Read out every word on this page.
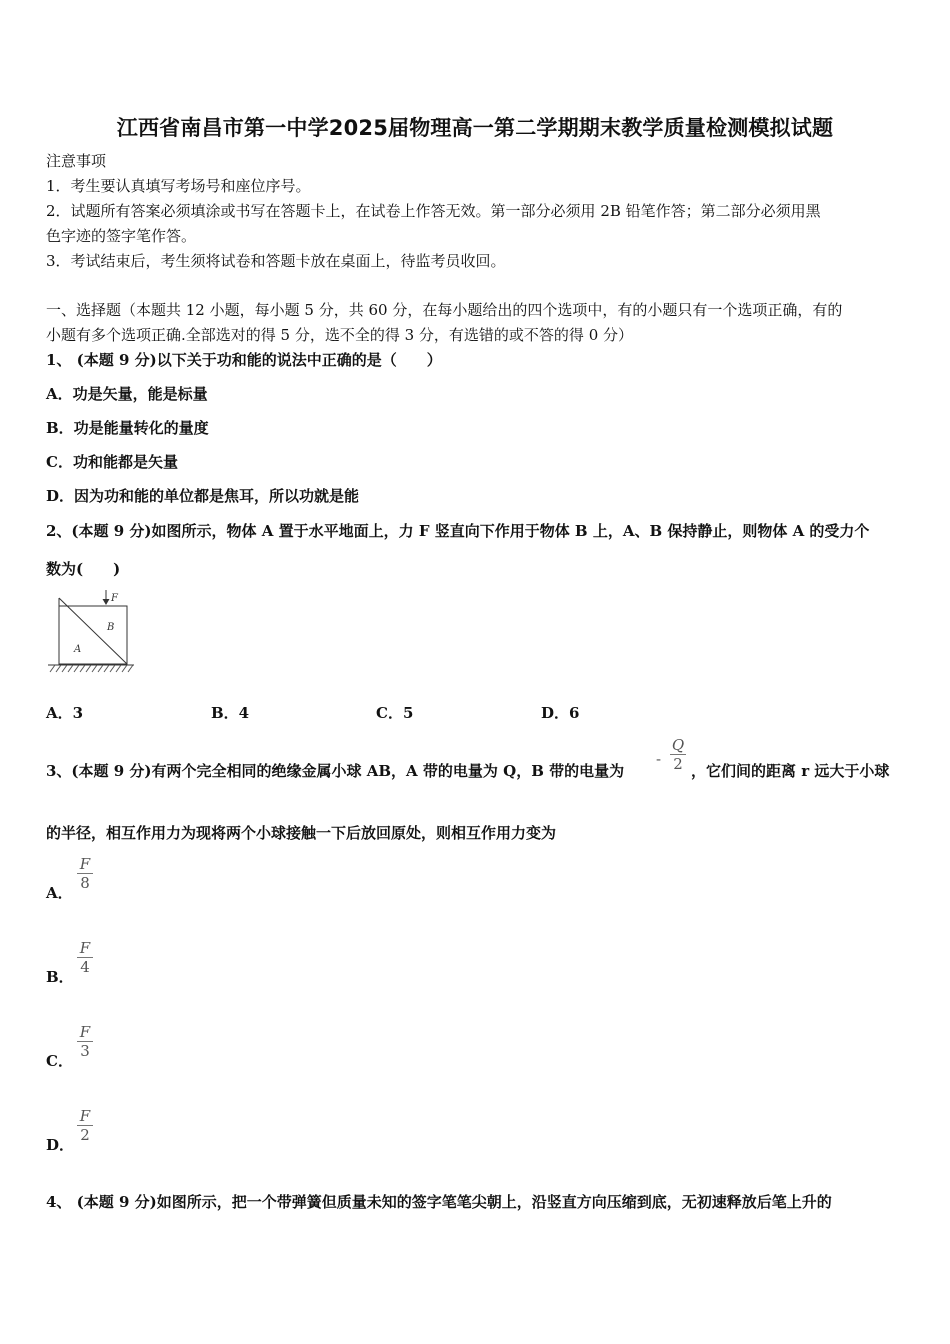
江西省南昌市第一中学2025届物理高一第二学期期末教学质量检测模拟试题
注意事项
1．考生要认真填写考场号和座位序号。
2．试题所有答案必须填涂或书写在答题卡上，在试卷上作答无效。第一部分必须用 2B 铅笔作答；第二部分必须用黑
色字迹的签字笔作答。
3．考试结束后，考生须将试卷和答题卡放在桌面上，待监考员收回。
一、选择题（本题共 12 小题，每小题 5 分，共 60 分，在每小题给出的四个选项中，有的小题只有一个选项正确，有的
小题有多个选项正确.全部选对的得 5 分，选不全的得 3 分，有选错的或不答的得 0 分）
1、 (本题 9 分)以下关于功和能的说法中正确的是（　　）
A．功是矢量，能是标量
B．功是能量转化的量度
C．功和能都是矢量
D．因为功和能的单位都是焦耳，所以功就是能
2、(本题 9 分)如图所示，物体 A 置于水平地面上，力 F 竖直向下作用于物体 B 上，A、B 保持静止，则物体 A 的受力个
数为(　　)
F
B
A
A．3	B．4	C．5	D．6
3、(本题 9 分)有两个完全相同的绝缘金属小球 AB，A 带的电量为 Q，B 带的电量为
-
Q
2 ，它们间的距离 r 远大于小球
的半径，相互作用力为现将两个小球接触一下后放回原处，则相互作用力变为
A．
F
8
B．
F
4
C．
F
3
D．
F
2
4、 (本题 9 分)如图所示，把一个带弹簧但质量未知的签字笔笔尖朝上，沿竖直方向压缩到底，无初速释放后笔上升的
